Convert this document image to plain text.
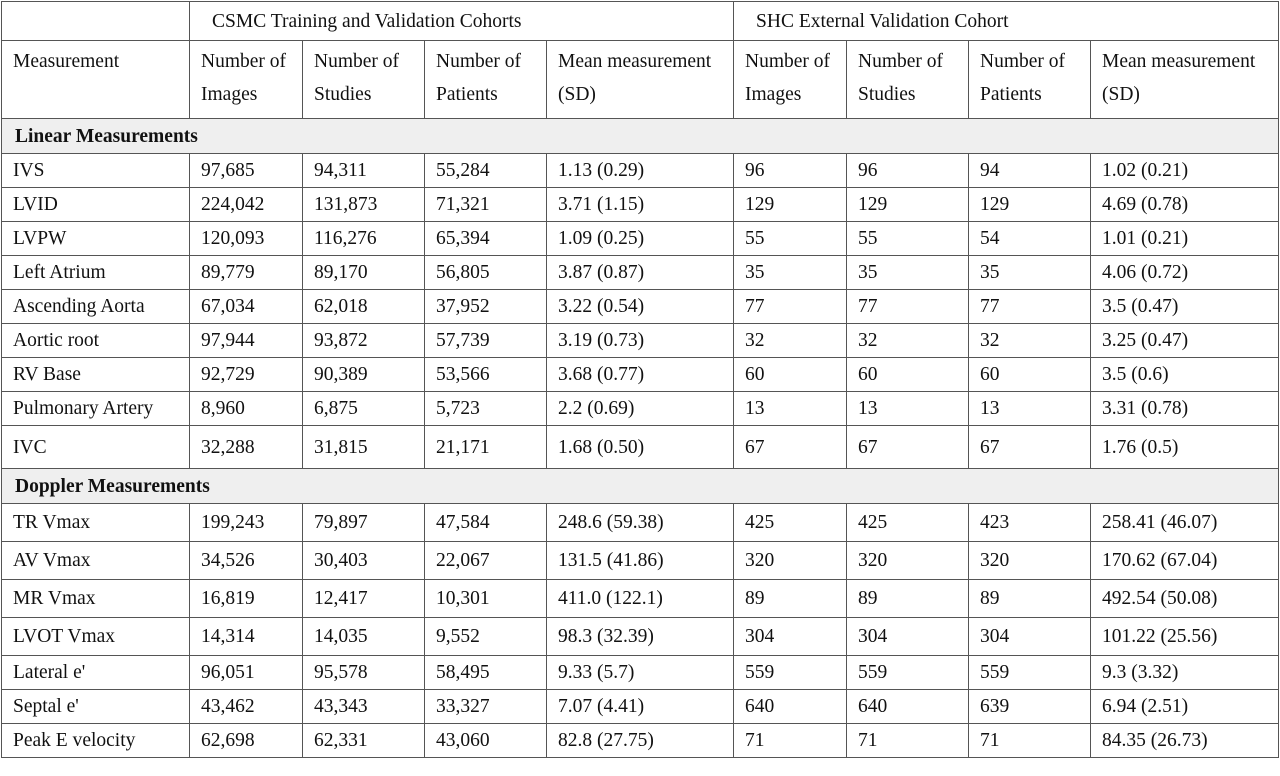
	CSMC Training and Validation Cohorts				SHC External Validation Cohort			
Measurement	Number of Images	Number of Studies	Number of Patients	Mean measurement (SD)	Number of Images	Number of Studies	Number of Patients	Mean measurement (SD)
Linear Measurements								
IVS	97,685	94,311	55,284	1.13 (0.29)	96	96	94	1.02 (0.21)
LVID	224,042	131,873	71,321	3.71 (1.15)	129	129	129	4.69 (0.78)
LVPW	120,093	116,276	65,394	1.09 (0.25)	55	55	54	1.01 (0.21)
Left Atrium	89,779	89,170	56,805	3.87 (0.87)	35	35	35	4.06 (0.72)
Ascending Aorta	67,034	62,018	37,952	3.22 (0.54)	77	77	77	3.5 (0.47)
Aortic root	97,944	93,872	57,739	3.19 (0.73)	32	32	32	3.25 (0.47)
RV Base	92,729	90,389	53,566	3.68 (0.77)	60	60	60	3.5 (0.6)
Pulmonary Artery	8,960	6,875	5,723	2.2 (0.69)	13	13	13	3.31 (0.78)
IVC	32,288	31,815	21,171	1.68 (0.50)	67	67	67	1.76 (0.5)
Doppler Measurements								
TR Vmax	199,243	79,897	47,584	248.6 (59.38)	425	425	423	258.41 (46.07)
AV Vmax	34,526	30,403	22,067	131.5 (41.86)	320	320	320	170.62 (67.04)
MR Vmax	16,819	12,417	10,301	411.0 (122.1)	89	89	89	492.54 (50.08)
LVOT Vmax	14,314	14,035	9,552	98.3 (32.39)	304	304	304	101.22 (25.56)
Lateral e'	96,051	95,578	58,495	9.33 (5.7)	559	559	559	9.3 (3.32)
Septal e'	43,462	43,343	33,327	7.07 (4.41)	640	640	639	6.94 (2.51)
Peak E velocity	62,698	62,331	43,060	82.8 (27.75)	71	71	71	84.35 (26.73)
